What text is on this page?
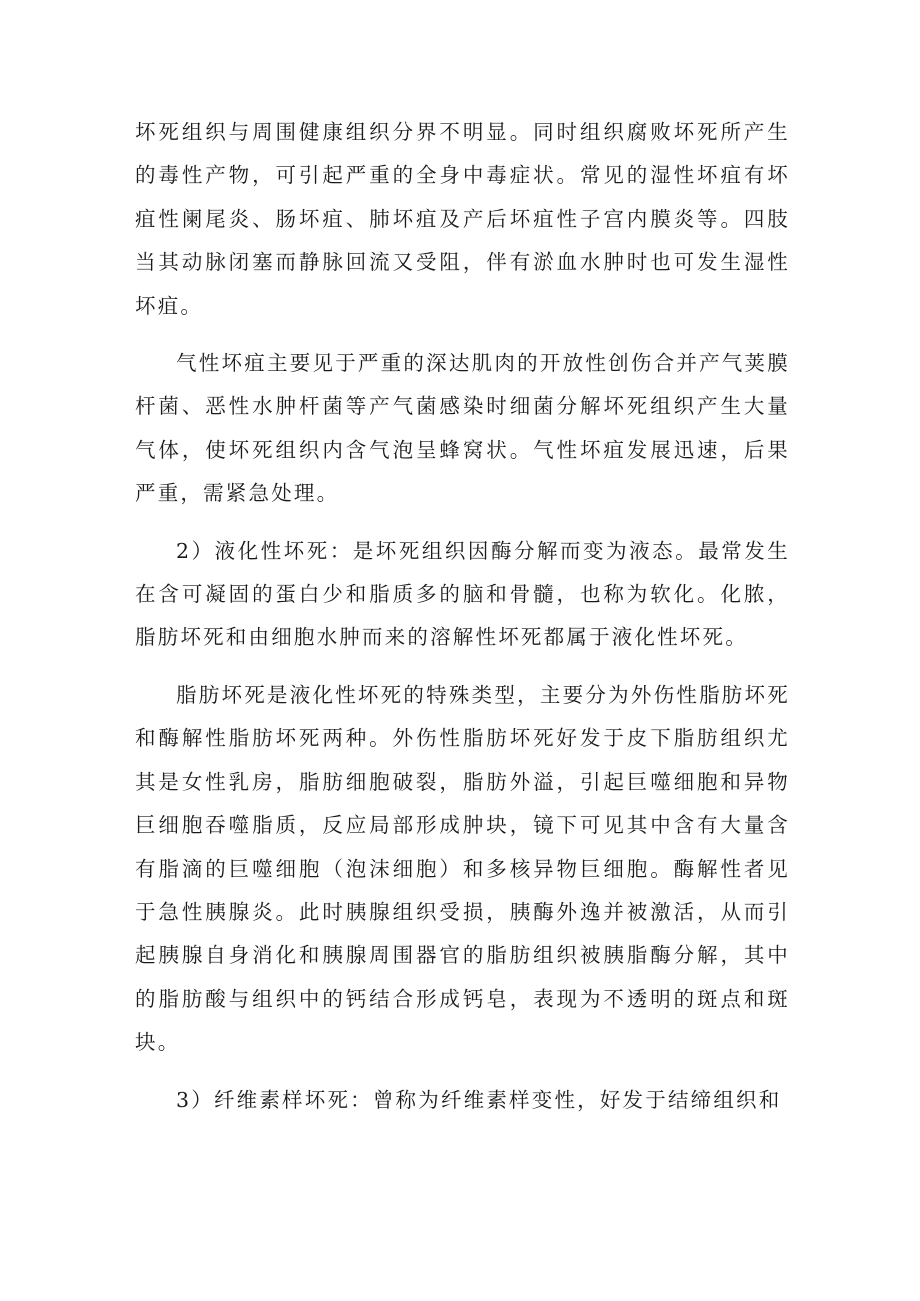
坏死组织与周围健康组织分界不明显。同时组织腐败坏死所产生的毒性产物，可引起严重的全身中毒症状。常见的湿性坏疽有坏疽性阑尾炎、肠坏疽、肺坏疽及产后坏疽性子宫内膜炎等。四肢当其动脉闭塞而静脉回流又受阻，伴有淤血水肿时也可发生湿性坏疽。

气性坏疽主要见于严重的深达肌肉的开放性创伤合并产气荚膜杆菌、恶性水肿杆菌等产气菌感染时细菌分解坏死组织产生大量气体，使坏死组织内含气泡呈蜂窝状。气性坏疽发展迅速，后果严重，需紧急处理。

2）液化性坏死：是坏死组织因酶分解而变为液态。最常发生在含可凝固的蛋白少和脂质多的脑和骨髓，也称为软化。化脓，脂肪坏死和由细胞水肿而来的溶解性坏死都属于液化性坏死。

脂肪坏死是液化性坏死的特殊类型，主要分为外伤性脂肪坏死和酶解性脂肪坏死两种。外伤性脂肪坏死好发于皮下脂肪组织尤其是女性乳房，脂肪细胞破裂，脂肪外溢，引起巨噬细胞和异物巨细胞吞噬脂质，反应局部形成肿块，镜下可见其中含有大量含有脂滴的巨噬细胞（泡沫细胞）和多核异物巨细胞。酶解性者见于急性胰腺炎。此时胰腺组织受损，胰酶外逸并被激活，从而引起胰腺自身消化和胰腺周围器官的脂肪组织被胰脂酶分解，其中的脂肪酸与组织中的钙结合形成钙皂，表现为不透明的斑点和斑块。

3）纤维素样坏死：曾称为纤维素样变性，好发于结缔组织和
